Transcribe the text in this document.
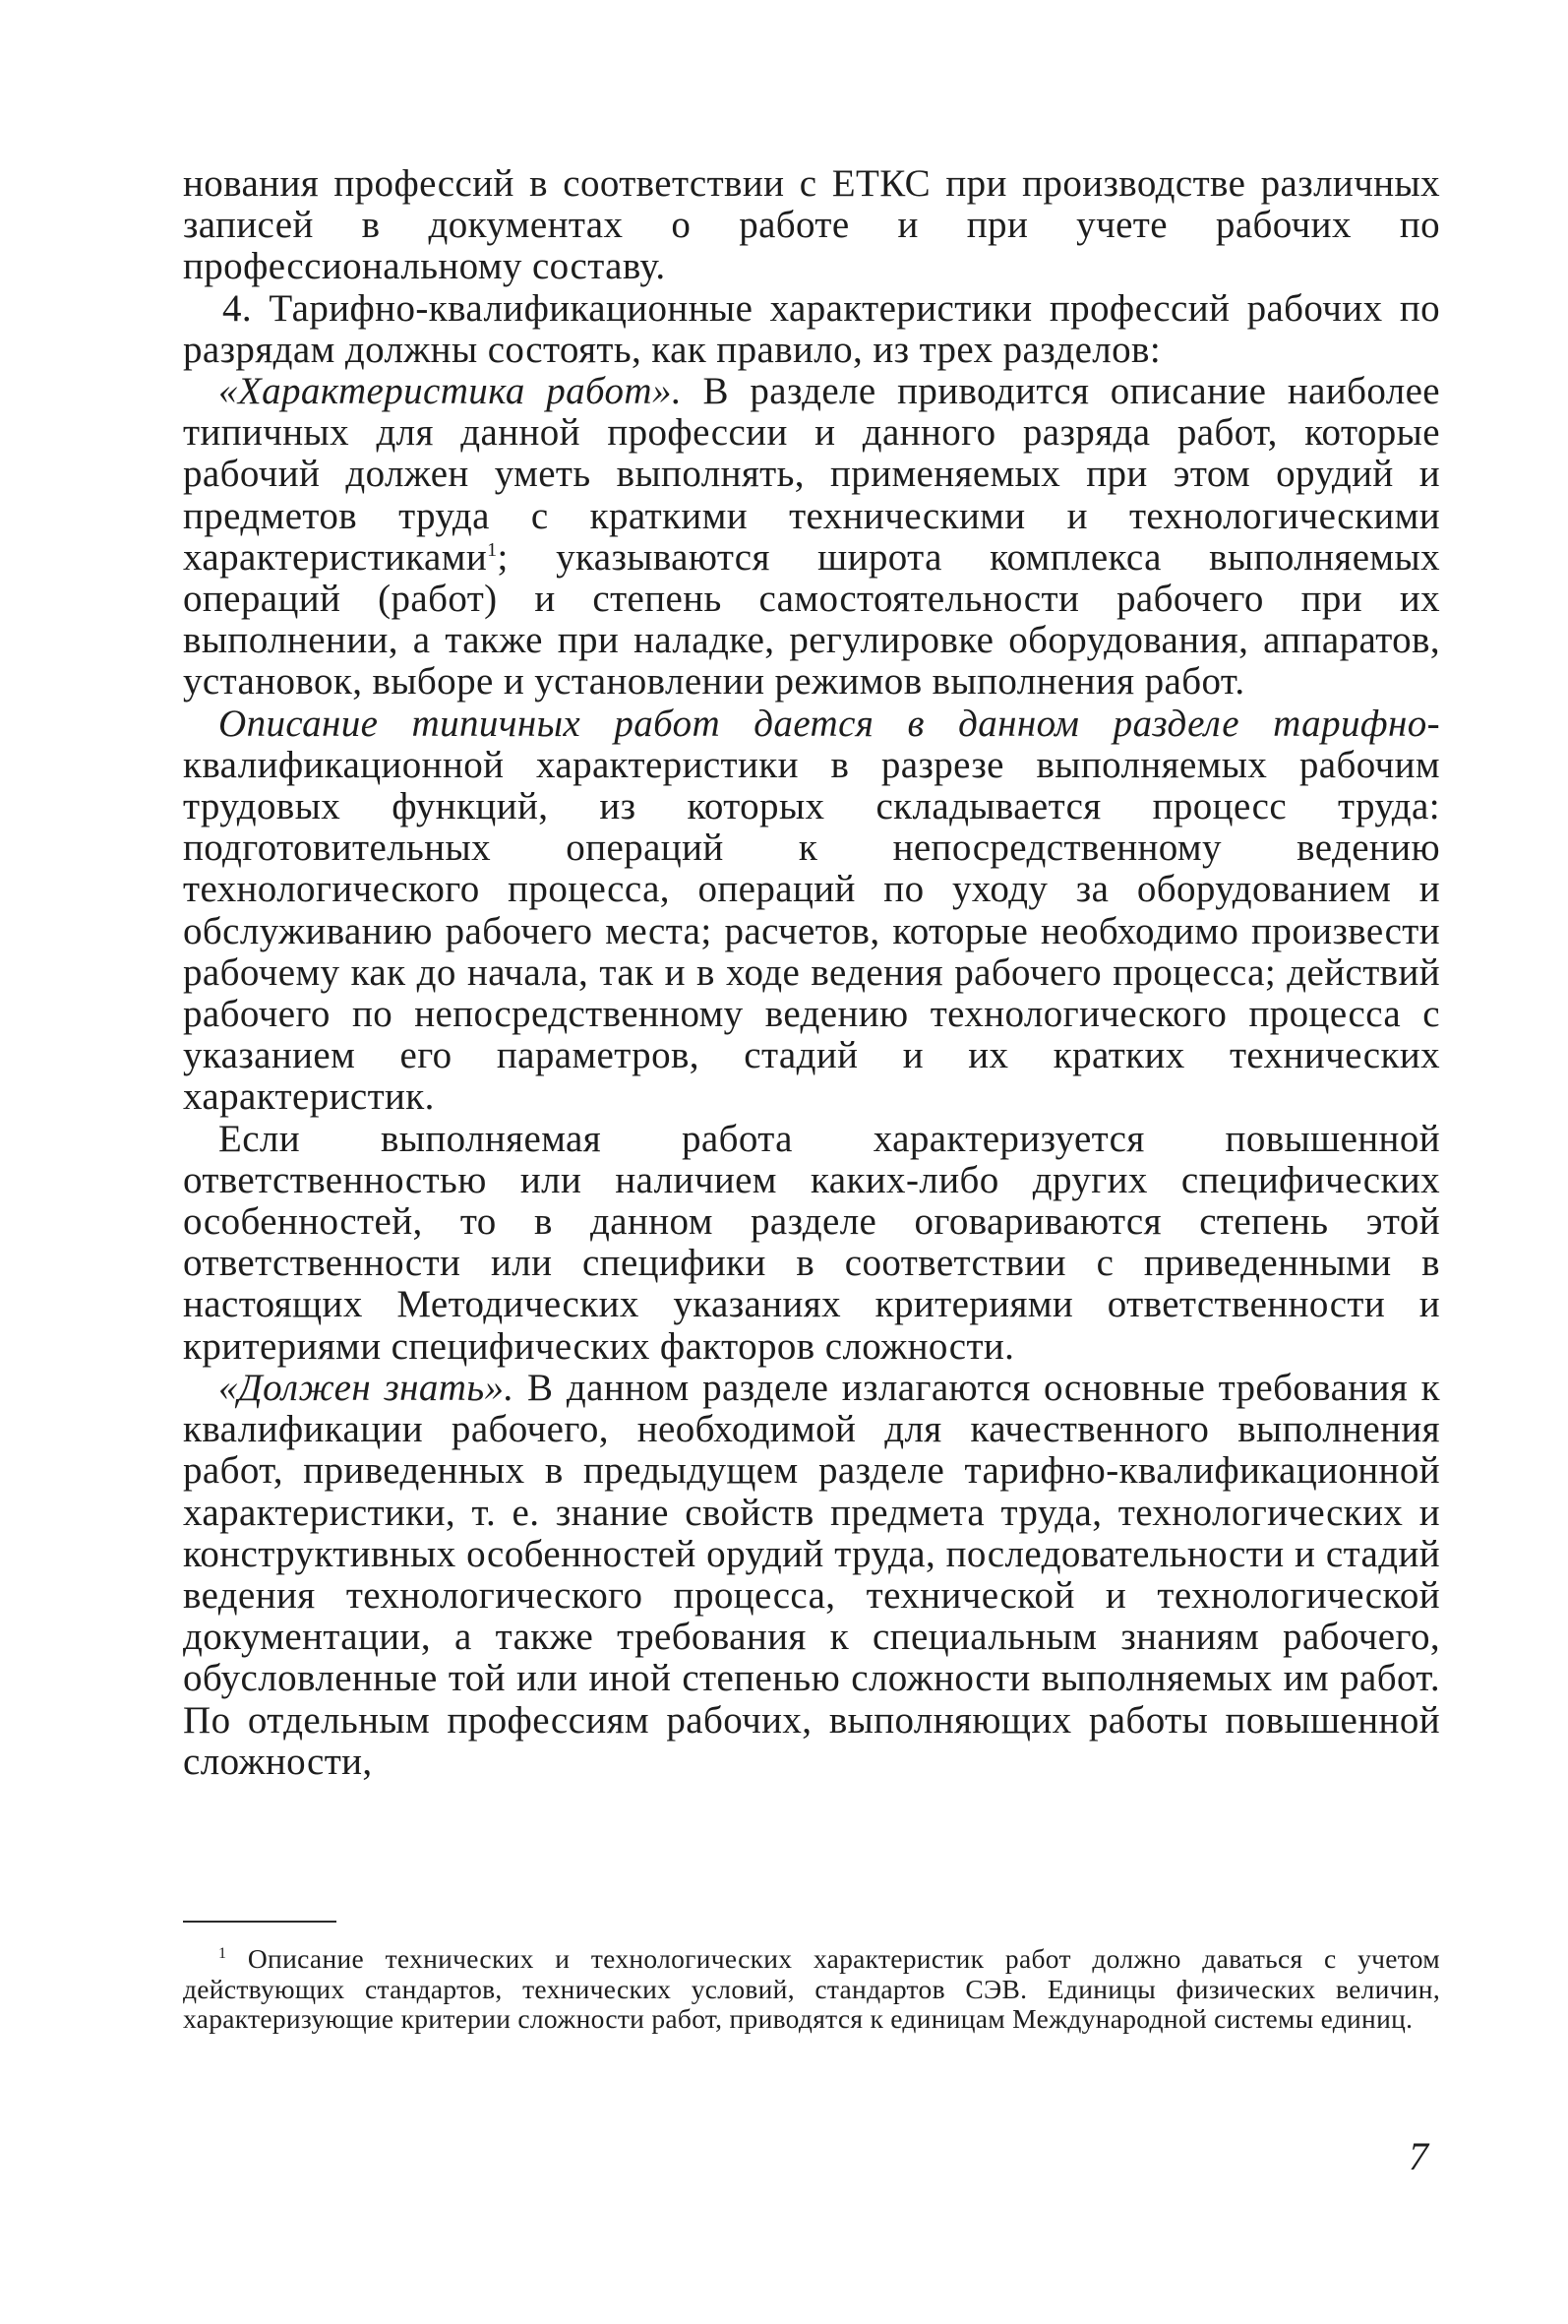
нования профессий в соответствии с ЕТКС при производстве различных записей в документах о работе и при учете рабочих по профессиональному составу.

4. Тарифно-квалификационные характеристики профессий рабочих по разрядам должны состоять, как правило, из трех разделов:

«Характеристика работ». В разделе приводится описание наиболее типичных для данной профессии и данного разряда работ, которые рабочий должен уметь выполнять, применяемых при этом орудий и предметов труда с краткими техническими и технологическими характеристиками$^1$; указываются широта комплекса выполняемых операций (работ) и степень самостоятельности рабочего при их выполнении, а также при наладке, регулировке оборудования, аппаратов, установок, выборе и установлении режимов выполнения работ.

Описание типичных работ дается в данном разделе тарифно-квалификационной характеристики в разрезе выполняемых рабочим трудовых функций, из которых складывается процесс труда: подготовительных операций к непосредственному ведению технологического процесса, операций по уходу за оборудованием и обслуживанию рабочего места; расчетов, которые необходимо произвести рабочему как до начала, так и в ходе ведения рабочего процесса; действий рабочего по непосредственному ведению технологического процесса с указанием его параметров, стадий и их кратких технических характеристик.

Если выполняемая работа характеризуется повышенной ответственностью или наличием каких-либо других специфических особенностей, то в данном разделе оговариваются степень этой ответственности или специфики в соответствии с приведенными в настоящих Методических указаниях критериями ответственности и критериями специфических факторов сложности.

«Должен знать». В данном разделе излагаются основные требования к квалификации рабочего, необходимой для качественного выполнения работ, приведенных в предыдущем разделе тарифно-квалификационной характеристики, т. е. знание свойств предмета труда, технологических и конструктивных особенностей орудий труда, последовательности и стадий ведения технологического процесса, технической и технологической документации, а также требования к специальным знаниям рабочего, обусловленные той или иной степенью сложности выполняемых им работ. По отдельным профессиям рабочих, выполняющих работы повышенной сложности,

$^1$ Описание технических и технологических характеристик работ должно даваться с учетом действующих стандартов, технических условий, стандартов СЭВ. Единицы физических величин, характеризующие критерии сложности работ, приводятся к единицам Международной системы единиц.

7
